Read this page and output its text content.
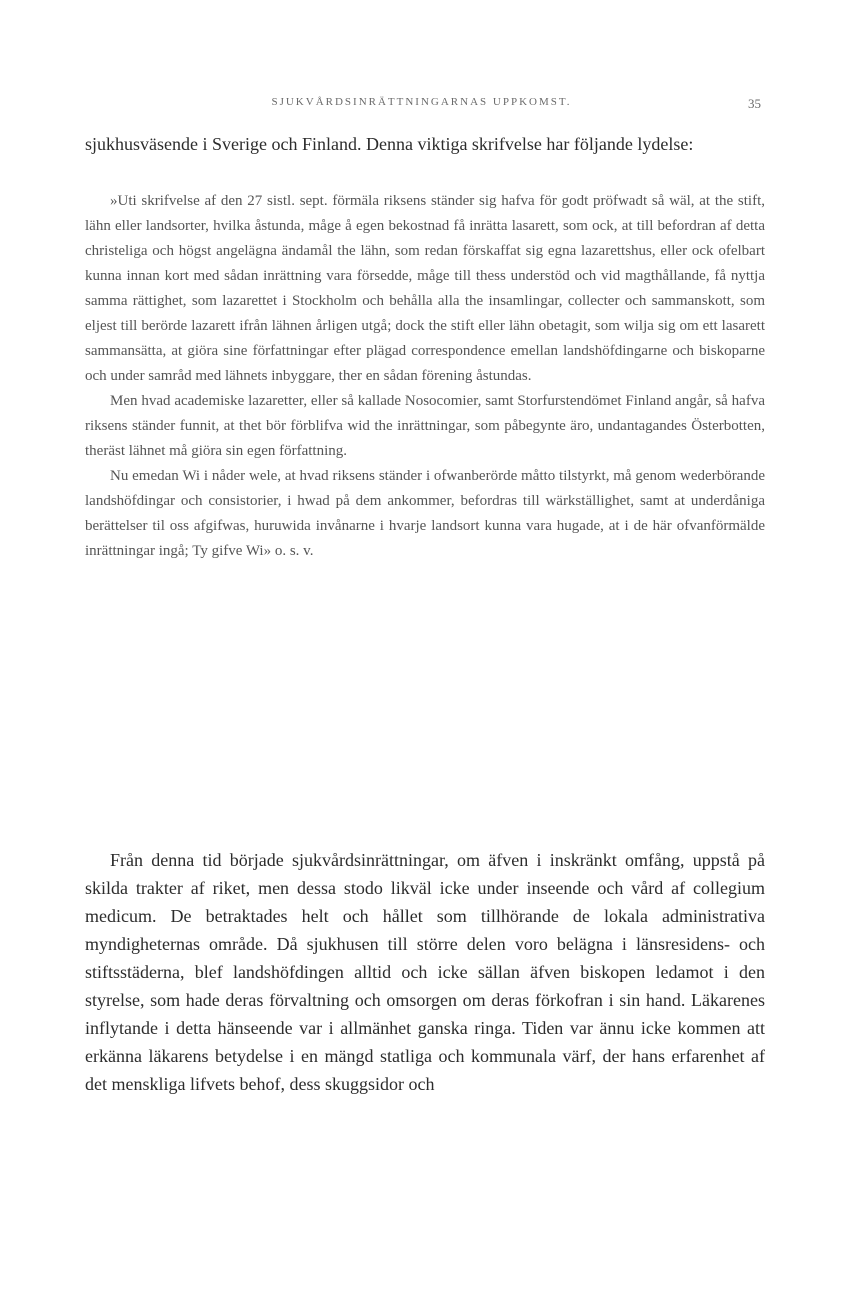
SJUKVÅRDSINRÄTTNINGARNAS UPPKOMST.	35

sjukhusväsende i Sverige och Finland. Denna viktiga skrifvelse har följande lydelse:

»Uti skrifvelse af den 27 sistl. sept. förmäla riksens ständer sig hafva för godt pröfwadt så wäl, at the stift, lähn eller landsorter, hvilka åstunda, måge å egen bekostnad få inrätta lasarett, som ock, at till befordran af detta christeliga och högst angelägna ändamål the lähn, som redan förskaffat sig egna lazarettshus, eller ock ofelbart kunna innan kort med sådan inrättning vara försedde, måge till thess understöd och vid magthållande, få nyttja samma rättighet, som lazarettet i Stockholm och behålla alla the insamlingar, collecter och sammanskott, som eljest till berörde lazarett ifrån lähnen årligen utgå; dock the stift eller lähn obetagit, som wilja sig om ett lasarett sammansätta, at giöra sine författningar efter plägad correspondence emellan landshöfdingarne och biskoparne och under samråd med lähnets inbyggare, ther en sådan förening åstundas.

Men hvad academiske lazaretter, eller så kallade Nosocomier, samt Storfurstendömet Finland angår, så hafva riksens ständer funnit, at thet bör förblifva wid the inrättningar, som påbegynte äro, undantagandes Österbotten, theräst lähnet må giöra sin egen författning.

Nu emedan Wi i nåder wele, at hvad riksens ständer i ofwanberörde måtto tilstyrkt, må genom wederbörande landshöfdingar och consistorier, i hwad på dem ankommer, befordras till wärkställighet, samt at underdåniga berättelser til oss afgifwas, huruwida invånarne i hvarje landsort kunna vara hugade, at i de här ofvanförmälde inrättningar ingå; Ty gifve Wi» o. s. v.

Från denna tid började sjukvårdsinrättningar, om äfven i inskränkt omfång, uppstå på skilda trakter af riket, men dessa stodo likväl icke under inseende och vård af collegium medicum. De betraktades helt och hållet som tillhörande de lokala administrativa myndigheternas område. Då sjukhusen till större delen voro belägna i länsresidens- och stiftsstäderna, blef landshöfdingen alltid och icke sällan äfven biskopen ledamot i den styrelse, som hade deras förvaltning och omsorgen om deras förkofran i sin hand. Läkarenes inflytande i detta hänseende var i allmänhet ganska ringa. Tiden var ännu icke kommen att erkänna läkarens betydelse i en mängd statliga och kommunala värf, der hans erfarenhet af det menskliga lifvets behof, dess skuggsidor och
